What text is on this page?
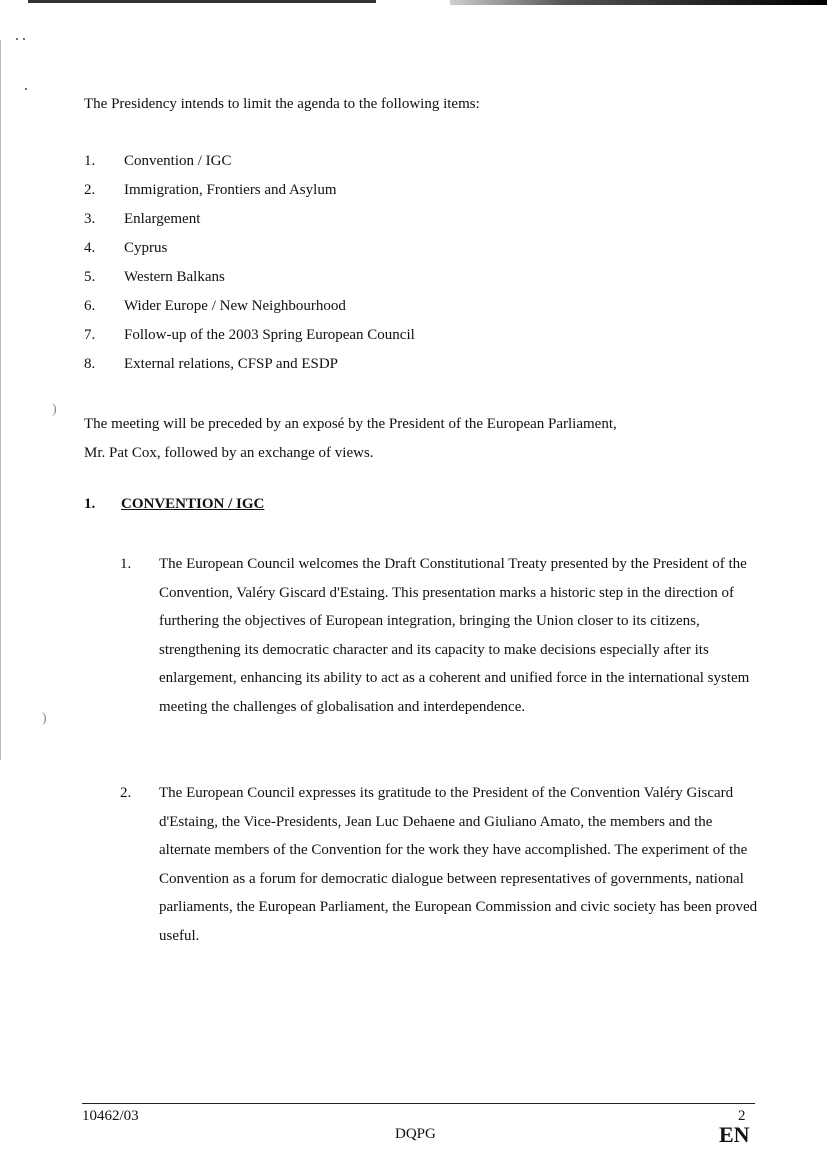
)
)

The Presidency intends to limit the agenda to the following items:

1. Convention / IGC
2. Immigration, Frontiers and Asylum
3. Enlargement
4. Cyprus
5. Western Balkans
6. Wider Europe / New Neighbourhood
7. Follow-up of the 2003 Spring European Council
8. External relations, CFSP and ESDP
The meeting will be preceded by an exposé by the President of the European Parliament,
Mr. Pat Cox, followed by an exchange of views.
1. CONVENTION / IGC
1. The European Council welcomes the Draft Constitutional Treaty presented by the President of the Convention, Valéry Giscard d'Estaing. This presentation marks a historic step in the direction of furthering the objectives of European integration, bringing the Union closer to its citizens, strengthening its democratic character and its capacity to make decisions especially after its enlargement, enhancing its ability to act as a coherent and unified force in the international system meeting the challenges of globalisation and interdependence.
2. The European Council expresses its gratitude to the President of the Convention Valéry Giscard d'Estaing, the Vice-Presidents, Jean Luc Dehaene and Giuliano Amato, the members and the alternate members of the Convention for the work they have accomplished. The experiment of the Convention as a forum for democratic dialogue between representatives of governments, national parliaments, the European Parliament, the European Commission and civic society has been proved useful.
10462/03
DQPG
2
EN
